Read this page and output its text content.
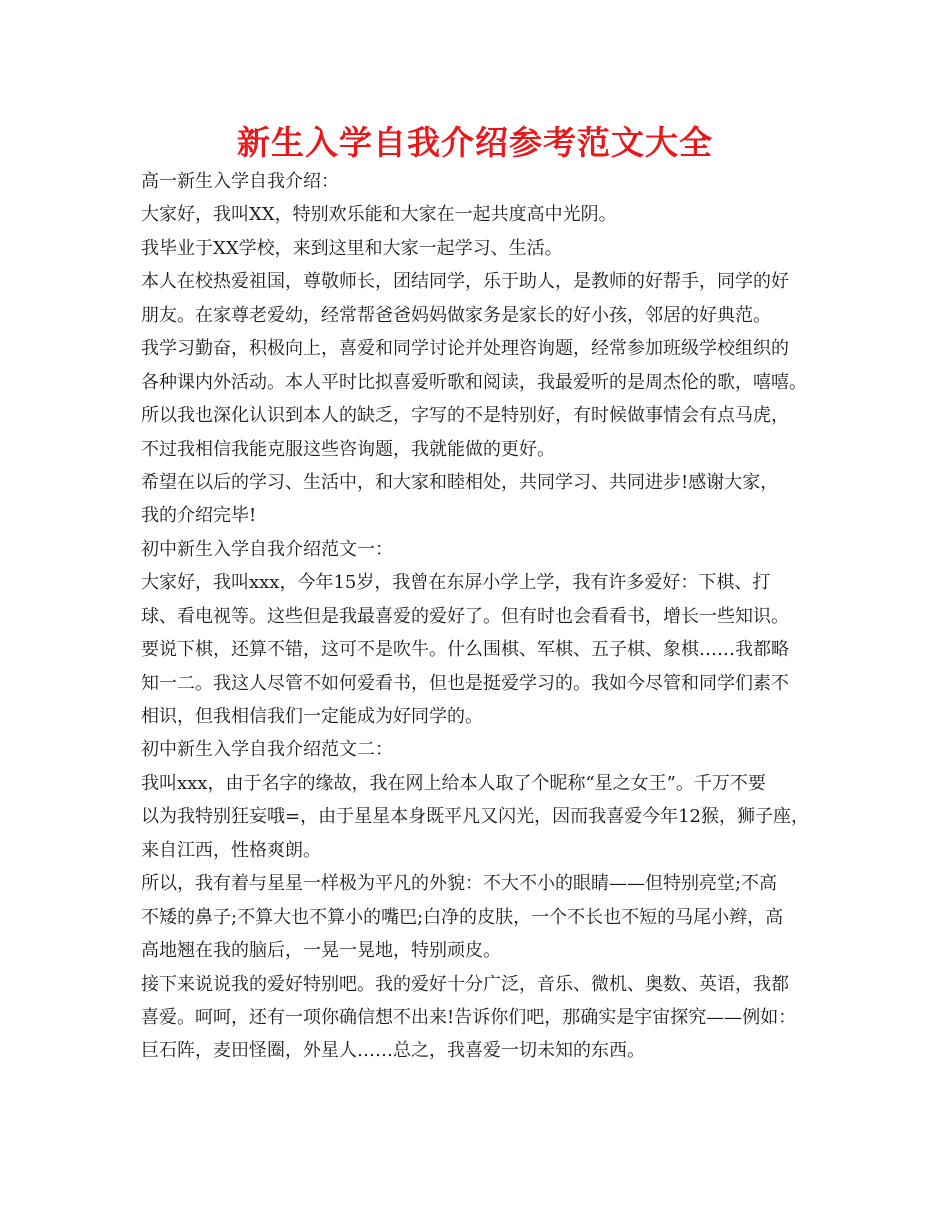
新生入学自我介绍参考范文大全
高一新生入学自我介绍：
大家好，我叫XX，特别欢乐能和大家在一起共度高中光阴。
我毕业于XX学校，来到这里和大家一起学习、生活。
本人在校热爱祖国，尊敬师长，团结同学，乐于助人，是教师的好帮手，同学的好
朋友。在家尊老爱幼，经常帮爸爸妈妈做家务是家长的好小孩，邻居的好典范。
我学习勤奋，积极向上，喜爱和同学讨论并处理咨询题，经常参加班级学校组织的
各种课内外活动。本人平时比拟喜爱听歌和阅读，我最爱听的是周杰伦的歌，嘻嘻。
所以我也深化认识到本人的缺乏，字写的不是特别好，有时候做事情会有点马虎，
不过我相信我能克服这些咨询题，我就能做的更好。
希望在以后的学习、生活中，和大家和睦相处，共同学习、共同进步!感谢大家，
我的介绍完毕!
初中新生入学自我介绍范文一：
大家好，我叫xxx，今年15岁，我曾在东屏小学上学，我有许多爱好：下棋、打
球、看电视等。这些但是我最喜爱的爱好了。但有时也会看看书，增长一些知识。
要说下棋，还算不错，这可不是吹牛。什么围棋、军棋、五子棋、象棋……我都略
知一二。我这人尽管不如何爱看书，但也是挺爱学习的。我如今尽管和同学们素不
相识，但我相信我们一定能成为好同学的。
初中新生入学自我介绍范文二：
我叫xxx，由于名字的缘故，我在网上给本人取了个昵称“星之女王”。千万不要
以为我特别狂妄哦=，由于星星本身既平凡又闪光，因而我喜爱今年12猴，狮子座，
来自江西，性格爽朗。
所以，我有着与星星一样极为平凡的外貌：不大不小的眼睛——但特别亮堂;不高
不矮的鼻子;不算大也不算小的嘴巴;白净的皮肤，一个不长也不短的马尾小辫，高
高地翘在我的脑后，一晃一晃地，特别顽皮。
接下来说说我的爱好特别吧。我的爱好十分广泛，音乐、微机、奥数、英语，我都
喜爱。呵呵，还有一项你确信想不出来!告诉你们吧，那确实是宇宙探究——例如：
巨石阵，麦田怪圈，外星人……总之，我喜爱一切未知的东西。
